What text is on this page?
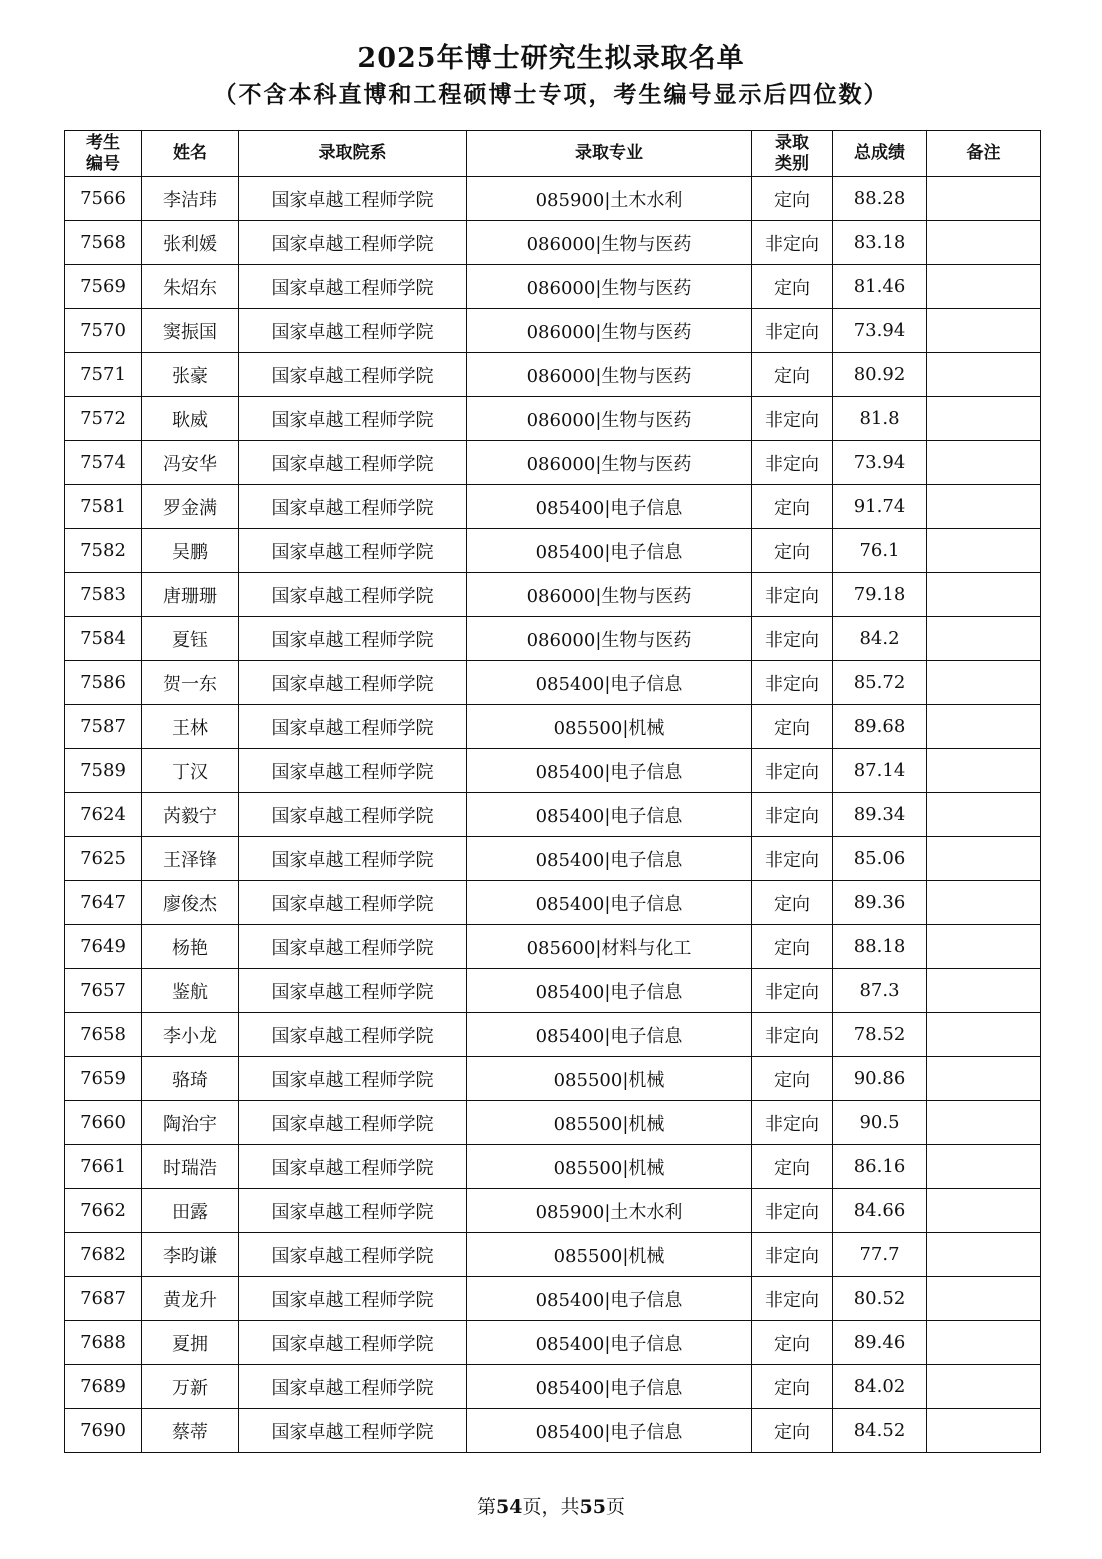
2025年博士研究生拟录取名单
（不含本科直博和工程硕博士专项，考生编号显示后四位数）
考生编号	姓名	录取院系	录取专业	录取类别	总成绩	备注
7566	李洁玮	国家卓越工程师学院	085900|土木水利	定向	88.28	
7568	张利媛	国家卓越工程师学院	086000|生物与医药	非定向	83.18	
7569	朱炤东	国家卓越工程师学院	086000|生物与医药	定向	81.46	
7570	窦振国	国家卓越工程师学院	086000|生物与医药	非定向	73.94	
7571	张豪	国家卓越工程师学院	086000|生物与医药	定向	80.92	
7572	耿威	国家卓越工程师学院	086000|生物与医药	非定向	81.8	
7574	冯安华	国家卓越工程师学院	086000|生物与医药	非定向	73.94	
7581	罗金满	国家卓越工程师学院	085400|电子信息	定向	91.74	
7582	吴鹏	国家卓越工程师学院	085400|电子信息	定向	76.1	
7583	唐珊珊	国家卓越工程师学院	086000|生物与医药	非定向	79.18	
7584	夏钰	国家卓越工程师学院	086000|生物与医药	非定向	84.2	
7586	贺一东	国家卓越工程师学院	085400|电子信息	非定向	85.72	
7587	王林	国家卓越工程师学院	085500|机械	定向	89.68	
7589	丁汉	国家卓越工程师学院	085400|电子信息	非定向	87.14	
7624	芮毅宁	国家卓越工程师学院	085400|电子信息	非定向	89.34	
7625	王泽锋	国家卓越工程师学院	085400|电子信息	非定向	85.06	
7647	廖俊杰	国家卓越工程师学院	085400|电子信息	定向	89.36	
7649	杨艳	国家卓越工程师学院	085600|材料与化工	定向	88.18	
7657	鉴航	国家卓越工程师学院	085400|电子信息	非定向	87.3	
7658	李小龙	国家卓越工程师学院	085400|电子信息	非定向	78.52	
7659	骆琦	国家卓越工程师学院	085500|机械	定向	90.86	
7660	陶治宇	国家卓越工程师学院	085500|机械	非定向	90.5	
7661	时瑞浩	国家卓越工程师学院	085500|机械	定向	86.16	
7662	田露	国家卓越工程师学院	085900|土木水利	非定向	84.66	
7682	李昀谦	国家卓越工程师学院	085500|机械	非定向	77.7	
7687	黄龙升	国家卓越工程师学院	085400|电子信息	非定向	80.52	
7688	夏拥	国家卓越工程师学院	085400|电子信息	定向	89.46	
7689	万新	国家卓越工程师学院	085400|电子信息	定向	84.02	
7690	蔡蒂	国家卓越工程师学院	085400|电子信息	定向	84.52	
第54页，共55页
